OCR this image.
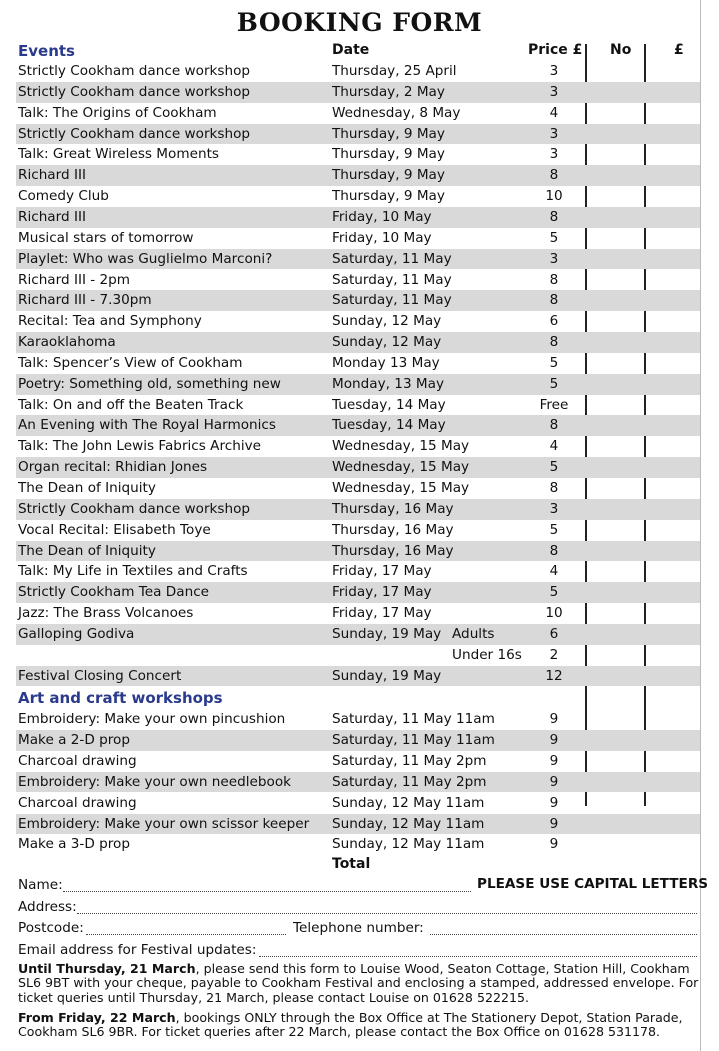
BOOKING FORM
Events	Date	Price £ No	£
Strictly Cookham dance workshop	Thursday, 25 April	3
Strictly Cookham dance workshop	Thursday, 2 May	3
Talk: The Origins of Cookham	Wednesday, 8 May	4
Strictly Cookham dance workshop	Thursday, 9 May	3
Talk: Great Wireless Moments	Thursday, 9 May	3
Richard III	Thursday, 9 May	8
Comedy Club	Thursday, 9 May	10
Richard III	Friday, 10 May	8
Musical stars of tomorrow	Friday, 10 May	5
Playlet: Who was Guglielmo Marconi?	Saturday, 11 May	3
Richard III - 2pm	Saturday, 11 May	8
Richard III - 7.30pm	Saturday, 11 May	8
Recital: Tea and Symphony	Sunday, 12 May	6
Karaoklahoma	Sunday, 12 May	8
Talk: Spencer’s View of Cookham	Monday 13 May	5
Poetry: Something old, something new	Monday, 13 May	5
Talk: On and off the Beaten Track	Tuesday, 14 May	Free
An Evening with The Royal Harmonics	Tuesday, 14 May	8
Talk: The John Lewis Fabrics Archive	Wednesday, 15 May	4
Organ recital: Rhidian Jones	Wednesday, 15 May	5
The Dean of Iniquity	Wednesday, 15 May	8
Strictly Cookham dance workshop	Thursday, 16 May	3
Vocal Recital: Elisabeth Toye	Thursday, 16 May	5
The Dean of Iniquity	Thursday, 16 May	8
Talk: My Life in Textiles and Crafts	Friday, 17 May	4
Strictly Cookham Tea Dance	Friday, 17 May	5
Jazz: The Brass Volcanoes	Friday, 17 May	10
Galloping Godiva	Sunday, 19 May Adults	6
Under 16s	2
Festival Closing Concert	Sunday, 19 May	12
Art and craft workshops
Embroidery: Make your own pincushion	Saturday, 11 May 11am	9
Make a 2-D prop	Saturday, 11 May 11am	9
Charcoal drawing	Saturday, 11 May 2pm	9
Embroidery: Make your own needlebook	Saturday, 11 May 2pm	9
Charcoal drawing	Sunday, 12 May 11am	9
Embroidery: Make your own scissor keeper Sunday, 12 May 11am	9
Make a 3-D prop	Sunday, 12 May 11am	9
Total
Name:	PLEASE USE CAPITAL LETTERS
Address:
Postcode:	Telephone number:
Email address for Festival updates:
Until Thursday, 21 March, please send this form to Louise Wood, Seaton Cottage, Station Hill, Cookham SL6 9BT with your cheque, payable to Cookham Festival and enclosing a stamped, addressed envelope. For ticket queries until Thursday, 21 March, please contact Louise on 01628 522215.
From Friday, 22 March, bookings ONLY through the Box Office at The Stationery Depot, Station Parade, Cookham SL6 9BR. For ticket queries after 22 March, please contact the Box Office on 01628 531178.
